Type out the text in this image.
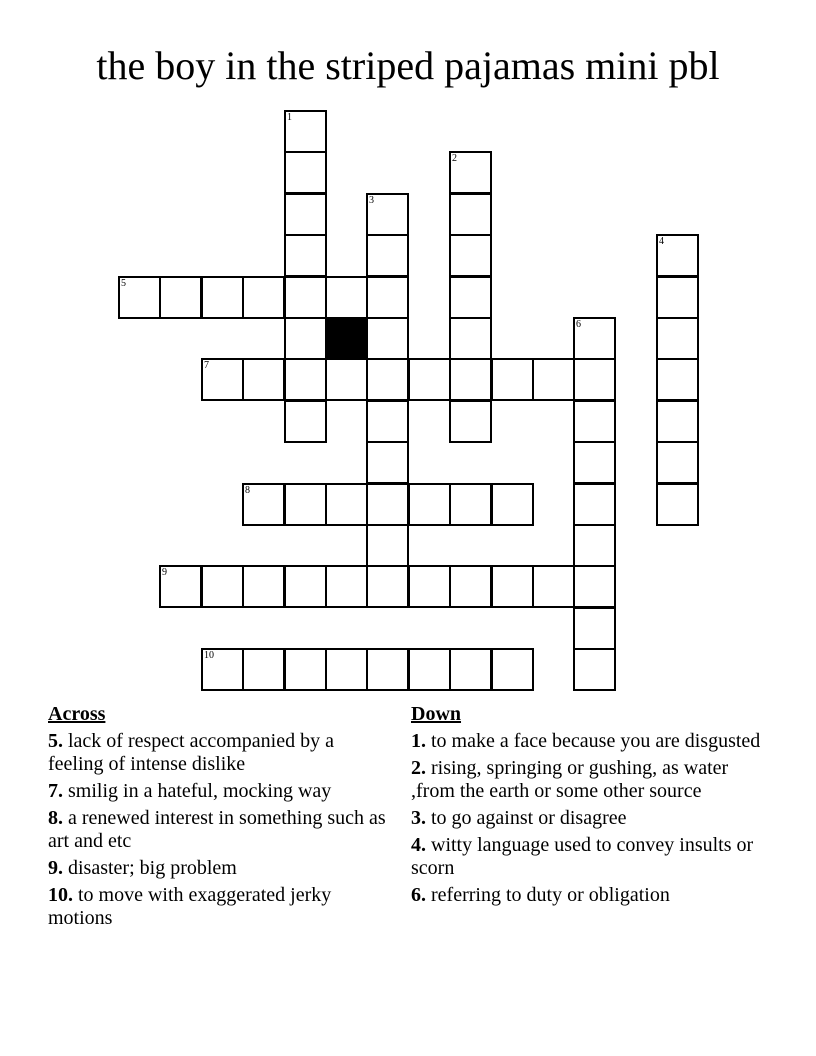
the boy in the striped pajamas mini pbl
1
2
3
4
5
6
7
8
9
10
Across
5. lack of respect accompanied by a feeling of intense dislike
7. smilig in a hateful, mocking way
8. a renewed interest in something such as art and etc
9. disaster; big problem
10. to move with exaggerated jerky motions
Down
1. to make a face because you are disgusted
2. rising, springing or gushing, as water ,from the earth or some other source
3. to go against or disagree
4. witty language used to convey insults or scorn
6. referring to duty or obligation
